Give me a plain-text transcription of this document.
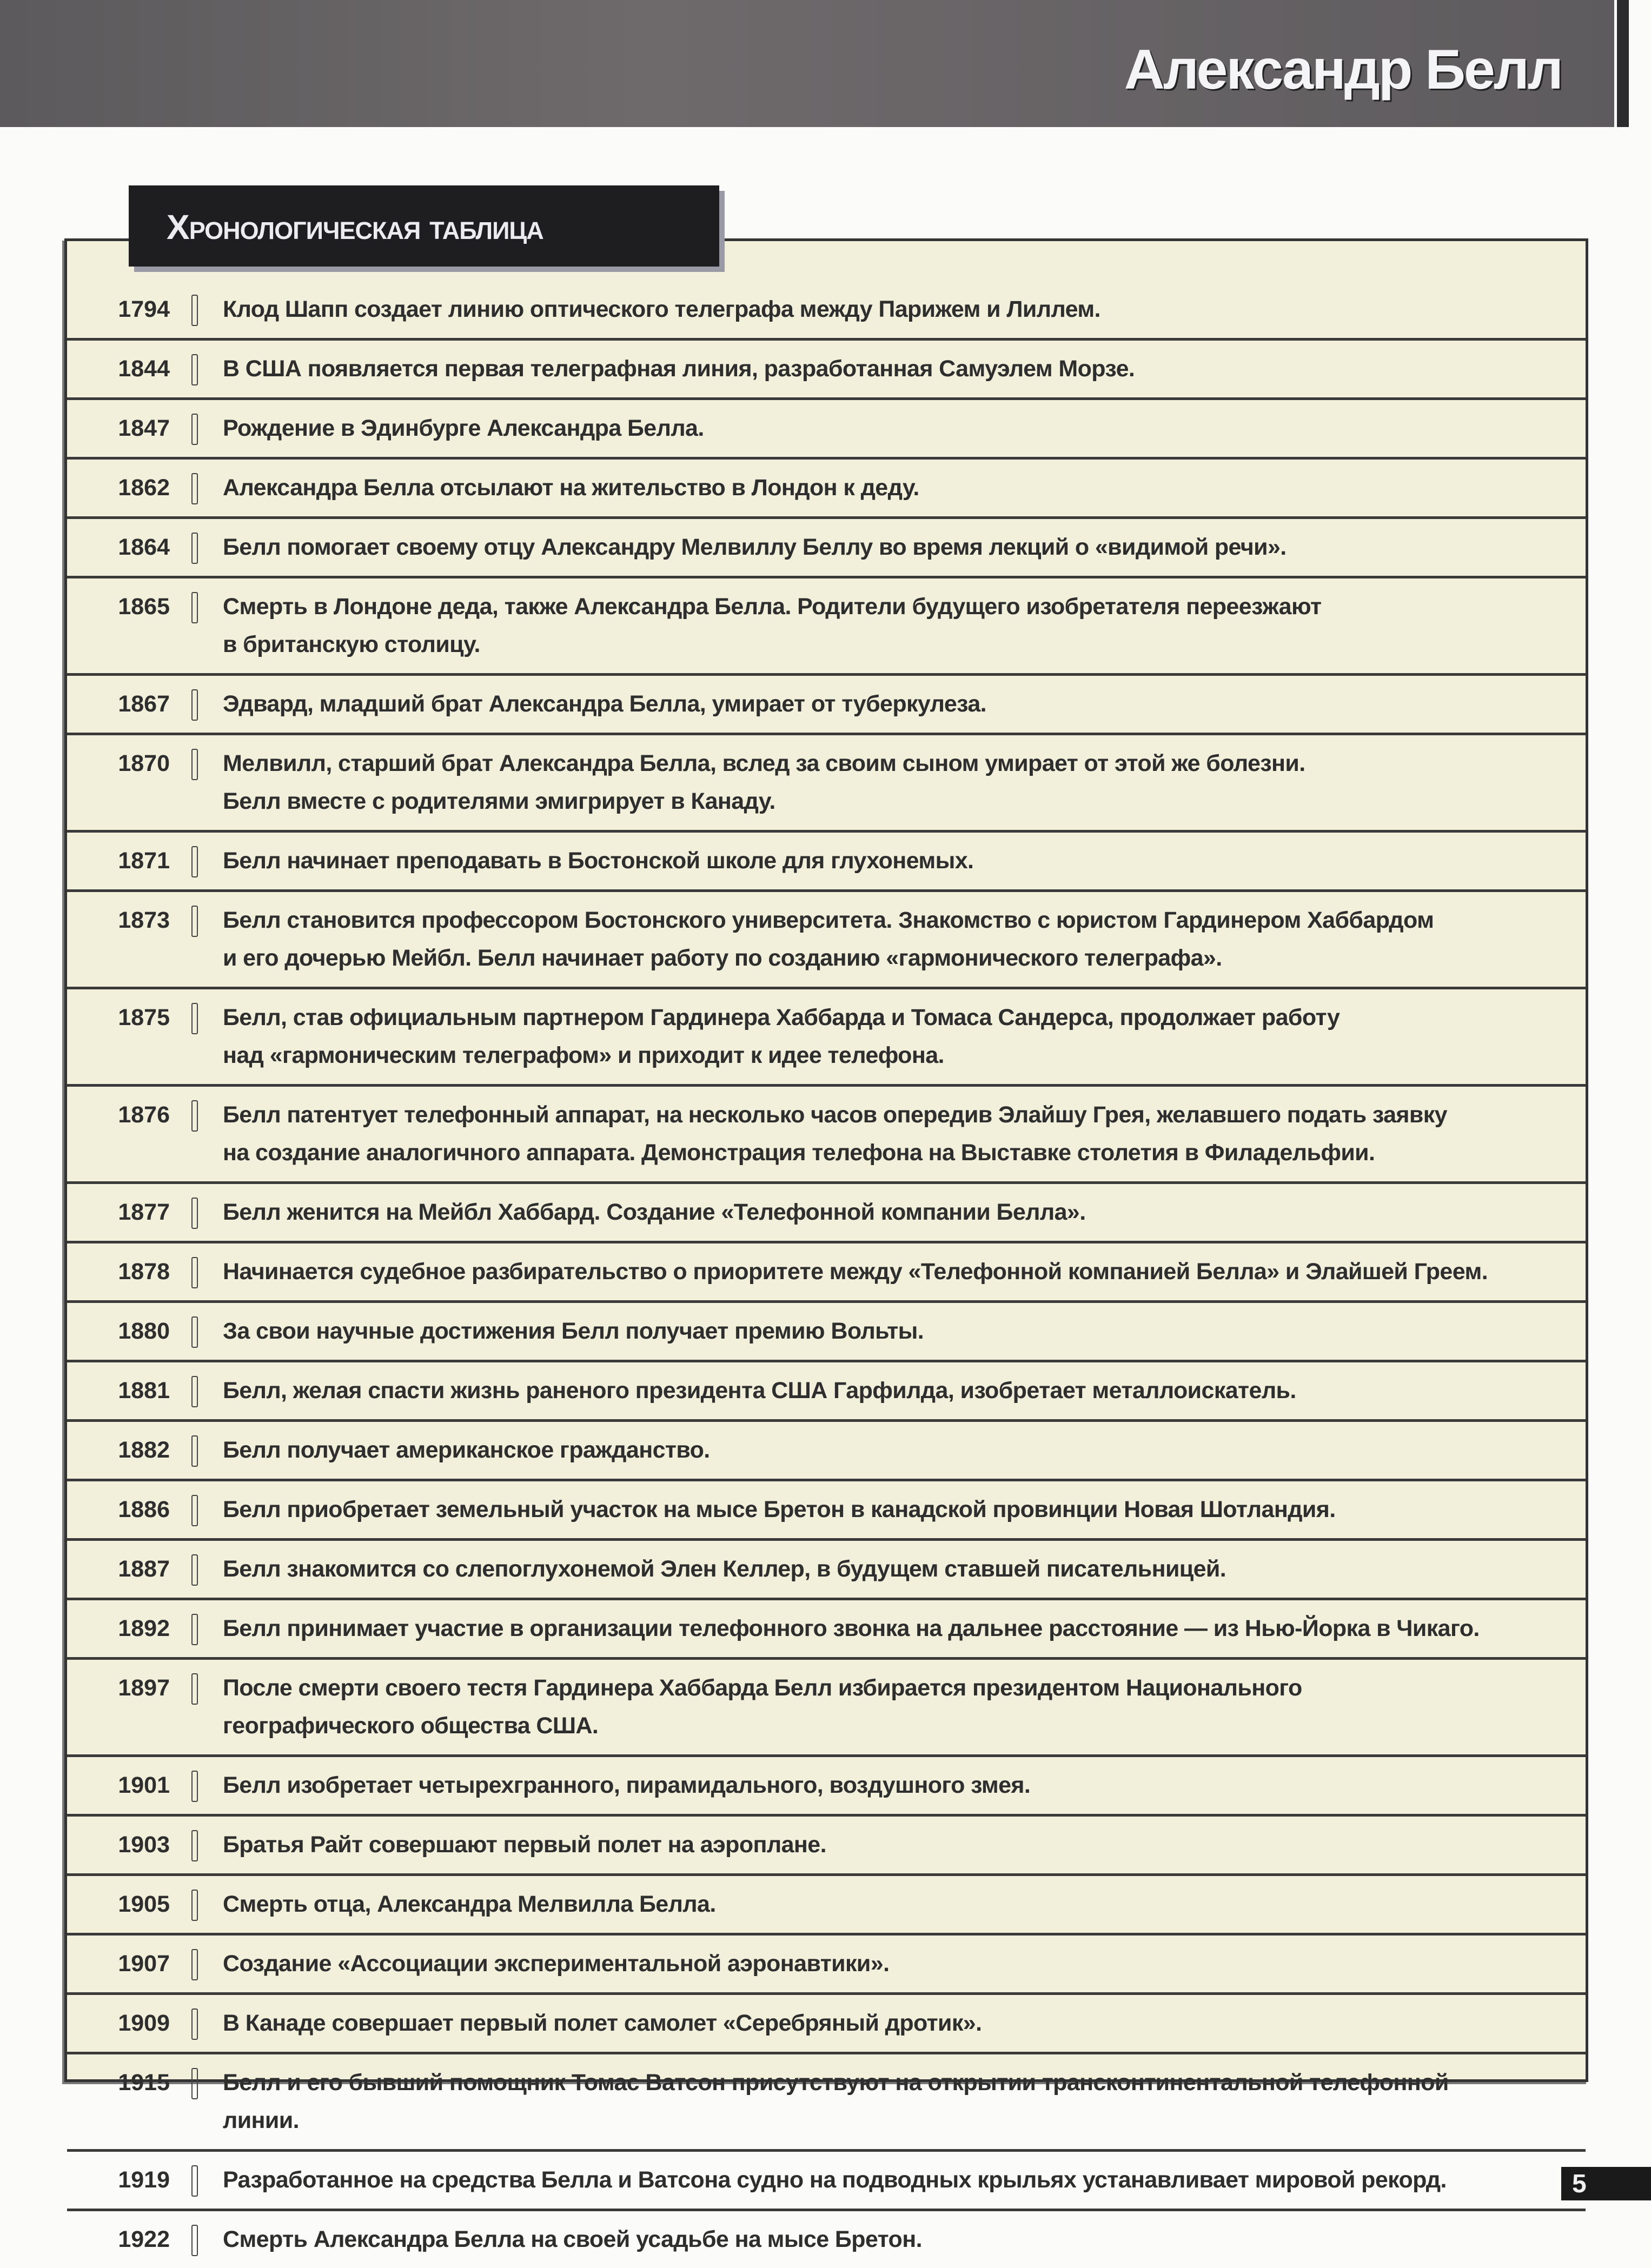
Александр Белл
1794 Клод Шапп создает линию оптического телеграфа между Парижем и Лиллем.
1844 В США появляется первая телеграфная линия, разработанная Самуэлем Морзе.
1847 Рождение в Эдинбурге Александра Белла.
1862 Александра Белла отсылают на жительство в Лондон к деду.
1864 Белл помогает своему отцу Александру Мелвиллу Беллу во время лекций о «видимой речи».
1865 Смерть в Лондоне деда, также Александра Белла. Родители будущего изобретателя переезжают
в британскую столицу.
1867 Эдвард, младший брат Александра Белла, умирает от туберкулеза.
1870 Мелвилл, старший брат Александра Белла, вслед за своим сыном умирает от этой же болезни.
Белл вместе с родителями эмигрирует в Канаду.
1871 Белл начинает преподавать в Бостонской школе для глухонемых.
1873 Белл становится профессором Бостонского университета. Знакомство с юристом Гардинером Хаббардом
и его дочерью Мейбл. Белл начинает работу по созданию «гармонического телеграфа».
1875 Белл, став официальным партнером Гардинера Хаббарда и Томаса Сандерса, продолжает работу
над «гармоническим телеграфом» и приходит к идее телефона.
1876 Белл патентует телефонный аппарат, на несколько часов опередив Элайшу Грея, желавшего подать заявку
на создание аналогичного аппарата. Демонстрация телефона на Выставке столетия в Филадельфии.
1877 Белл женится на Мейбл Хаббард. Создание «Телефонной компании Белла».
1878 Начинается судебное разбирательство о приоритете между «Телефонной компанией Белла» и Элайшей Греем.
1880 За свои научные достижения Белл получает премию Вольты.
1881 Белл, желая спасти жизнь раненого президента США Гарфилда, изобретает металлоискатель.
1882 Белл получает американское гражданство.
1886 Белл приобретает земельный участок на мысе Бретон в канадской провинции Новая Шотландия.
1887 Белл знакомится со слепоглухонемой Элен Келлер, в будущем ставшей писательницей.
1892 Белл принимает участие в организации телефонного звонка на дальнее расстояние — из Нью-Йорка в Чикаго.
1897 После смерти своего тестя Гардинера Хаббарда Белл избирается президентом Национального
географического общества США.
1901 Белл изобретает четырехгранного, пирамидального, воздушного змея.
1903 Братья Райт совершают первый полет на аэроплане.
1905 Смерть отца, Александра Мелвилла Белла.
1907 Создание «Ассоциации экспериментальной аэронавтики».
1909 В Канаде совершает первый полет самолет «Серебряный дротик».
1915 Белл и его бывший помощник Томас Ватсон присутствуют на открытии трансконтинентальной телефонной
линии.
1919 Разработанное на средства Белла и Ватсона судно на подводных крыльях устанавливает мировой рекорд.
1922 Смерть Александра Белла на своей усадьбе на мысе Бретон.
Хронологическая таблица
5
